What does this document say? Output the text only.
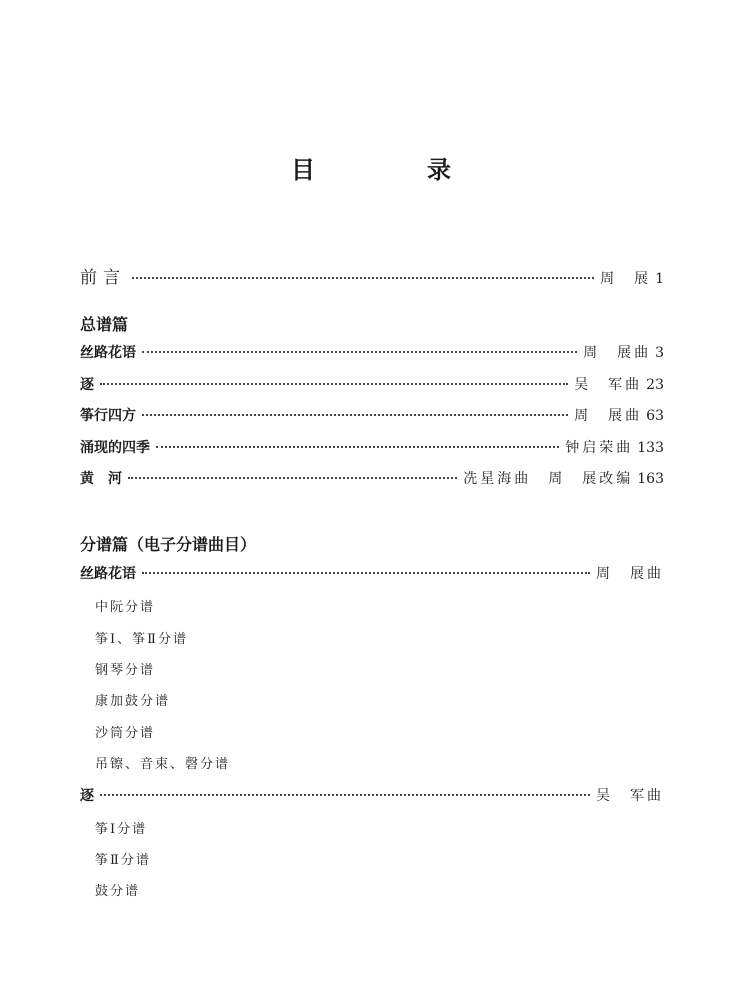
目　录
前言	周　展 1
总谱篇
丝路花语	周　展曲 3
逐	吴　军曲 23
筝行四方	周　展曲 63
涌现的四季	钟启荣曲 133
黄　河	冼星海曲　周　展改编 163
分谱篇（电子分谱曲目）
丝路花语	周　展曲
中阮分谱
筝Ⅰ、筝Ⅱ分谱
钢琴分谱
康加鼓分谱
沙筒分谱
吊镲、音束、磬分谱
逐	吴　军曲
筝Ⅰ分谱
筝Ⅱ分谱
鼓分谱
